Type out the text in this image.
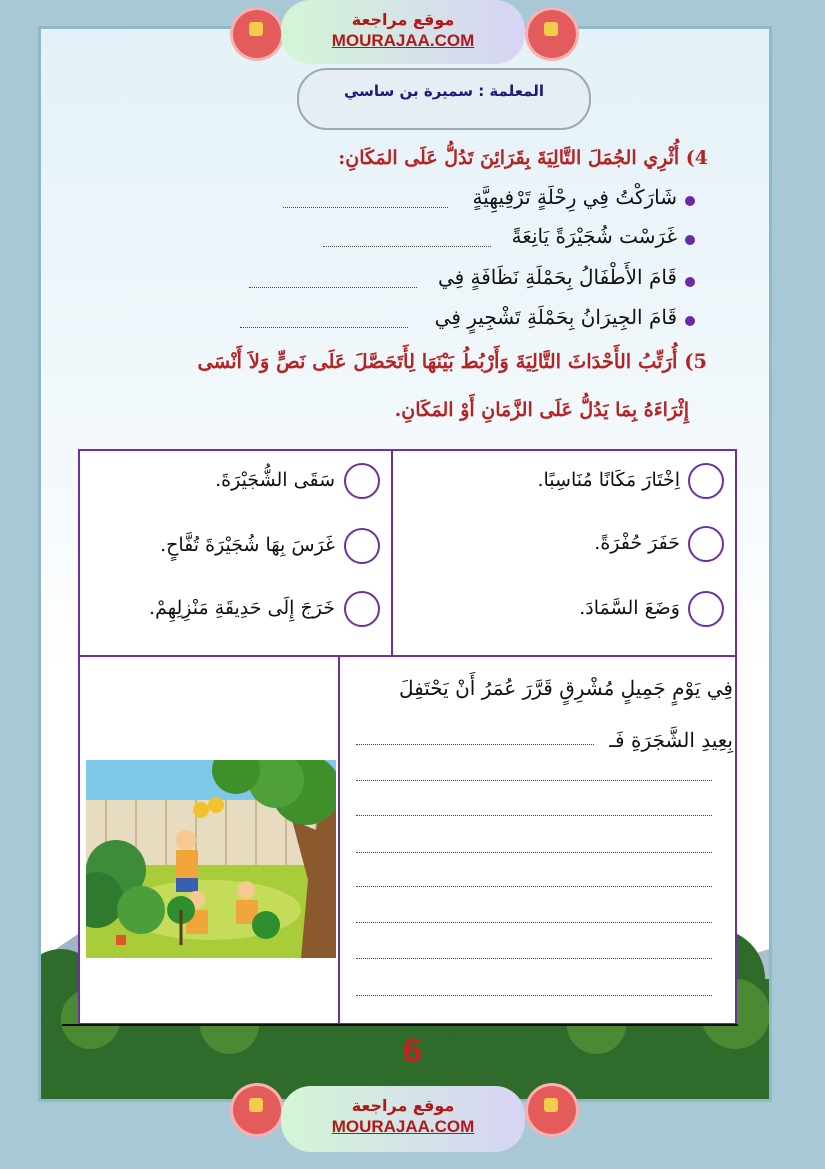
موقع مراجعة
MOURAJAA.COM
المعلمة : سميرة بن ساسي
4) أُثْرِي الجُمَلَ التَّالِيَةَ بِقَرَائِنَ تَدُلُّ عَلَى المَكَانِ:
شَارَكْتُ فِي رِحْلَةٍ تَرْفِيهِيَّةٍ
غَرَسْت شُجَيْرَةً يَانِعَةً
قَامَ الأَطْفَالُ بِحَمْلَةِ نَظَافَةٍ فِي
قَامَ الجِيرَانُ بِحَمْلَةِ تَشْجِيرٍ فِي
5) أُرَتِّبُ الأَحْدَاثَ التَّالِيَةَ وَأَرْبُطُ بَيْنَهَا لِأَتَحَصَّلَ عَلَى نَصٍّ وَلاَ أَنْسَى
إِثْرَاءَهُ بِمَا يَدُلُّ عَلَى الزَّمَانِ أَوْ المَكَانِ.
اِخْتَارَ مَكَانًا مُنَاسِبًا.
حَفَرَ حُفْرَةً.
وَضَعَ السَّمَادَ.
سَقَى الشُّجَيْرَةَ.
غَرَسَ بِهَا شُجَيْرَةَ تُفَّاحٍ.
خَرَجَ إِلَى حَدِيقَةِ مَنْزِلِهِمْ.
فِي يَوْمٍ جَمِيلٍ مُشْرِقٍ قَرَّرَ عُمَرُ أَنْ يَحْتَفِلَ
بِعِيدِ الشَّجَرَةِ فَـ
6
موقع مراجعة
MOURAJAA.COM
